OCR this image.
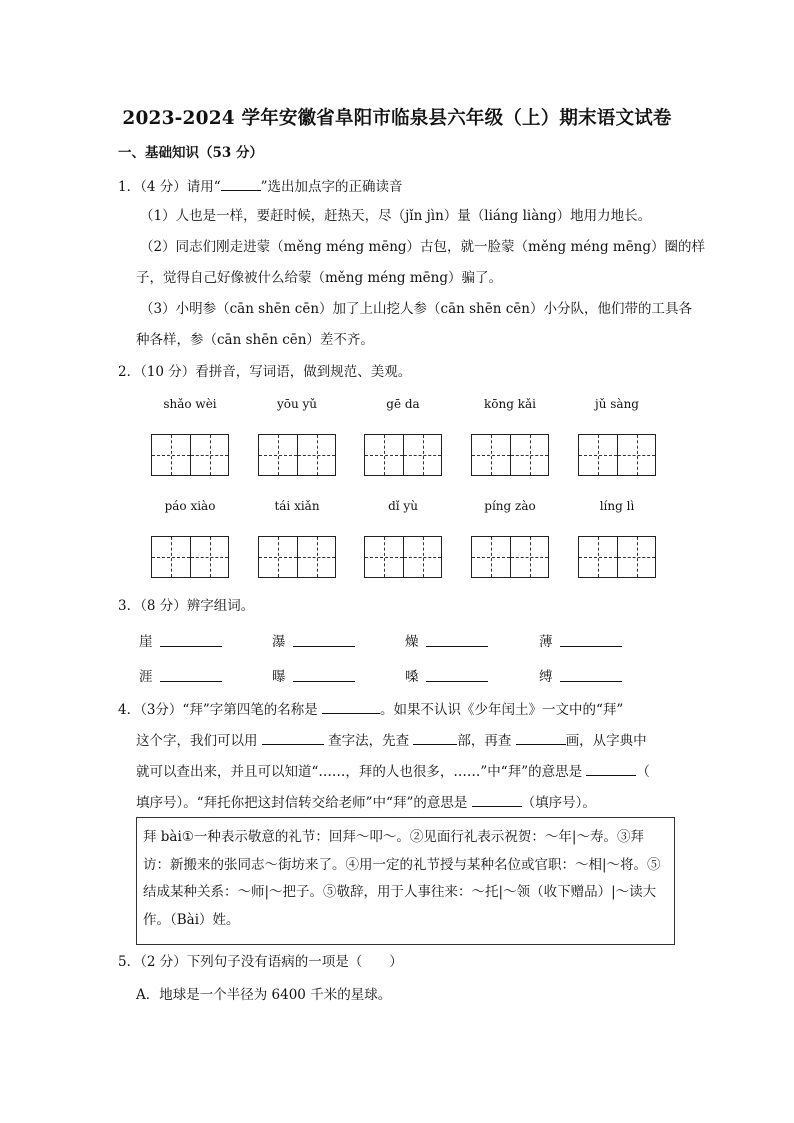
2023-2024 学年安徽省阜阳市临泉县六年级（上）期末语文试卷
一、基础知识（53 分）
1．（4 分）请用“	”选出加点字的正确读音
（1）人也是一样，要赶时候，赶热天，尽（jǐn jìn）量（liáng liàng）地用力地长。
（2）同志们刚走进蒙（měng méng mēng）古包，就一脸蒙（měng méng mēng）圈的样
子，觉得自己好像被什么给蒙（měng méng mēng）骗了。
（3）小明参（cān shēn cēn）加了上山挖人参（cān shēn cēn）小分队，他们带的工具各
种各样，参（cān shēn cēn）差不齐。
2．（10 分）看拼音，写词语，做到规范、美观。
shǎo wèi	yōu yǔ	gē da	kōng kǎi	jǔ sàng
páo xiào	tái xiǎn	dǐ yù	píng zào	líng lì
3．（8 分）辨字组词。
崖	瀑	燥	薄
涯	曝	嗓	缚
4．（3分）“拜”字第四笔的名称是	。如果不认识《少年闰土》一文中的“拜”
这个字，我们可以用	查字法，先查	部，再查	画，从字典中
就可以查出来，并且可以知道“……，拜的人也很多，……”中“拜”的意思是	（
填序号）。“拜托你把这封信转交给老师”中“拜”的意思是	（填序号）。
拜 bài①一种表示敬意的礼节：回拜～叩～。②见面行礼表示祝贺：～年|～寿。③拜访：新搬来的张同志～街坊来了。④用一定的礼节授与某种名位或官职：～相|～将。⑤结成某种关系：～师|～把子。⑤敬辞，用于人事往来：～托|～领（收下赠品）|～读大作。（Bài）姓。
5．（2 分）下列句子没有语病的一项是（　　）
A．地球是一个半径为 6400 千米的星球。
